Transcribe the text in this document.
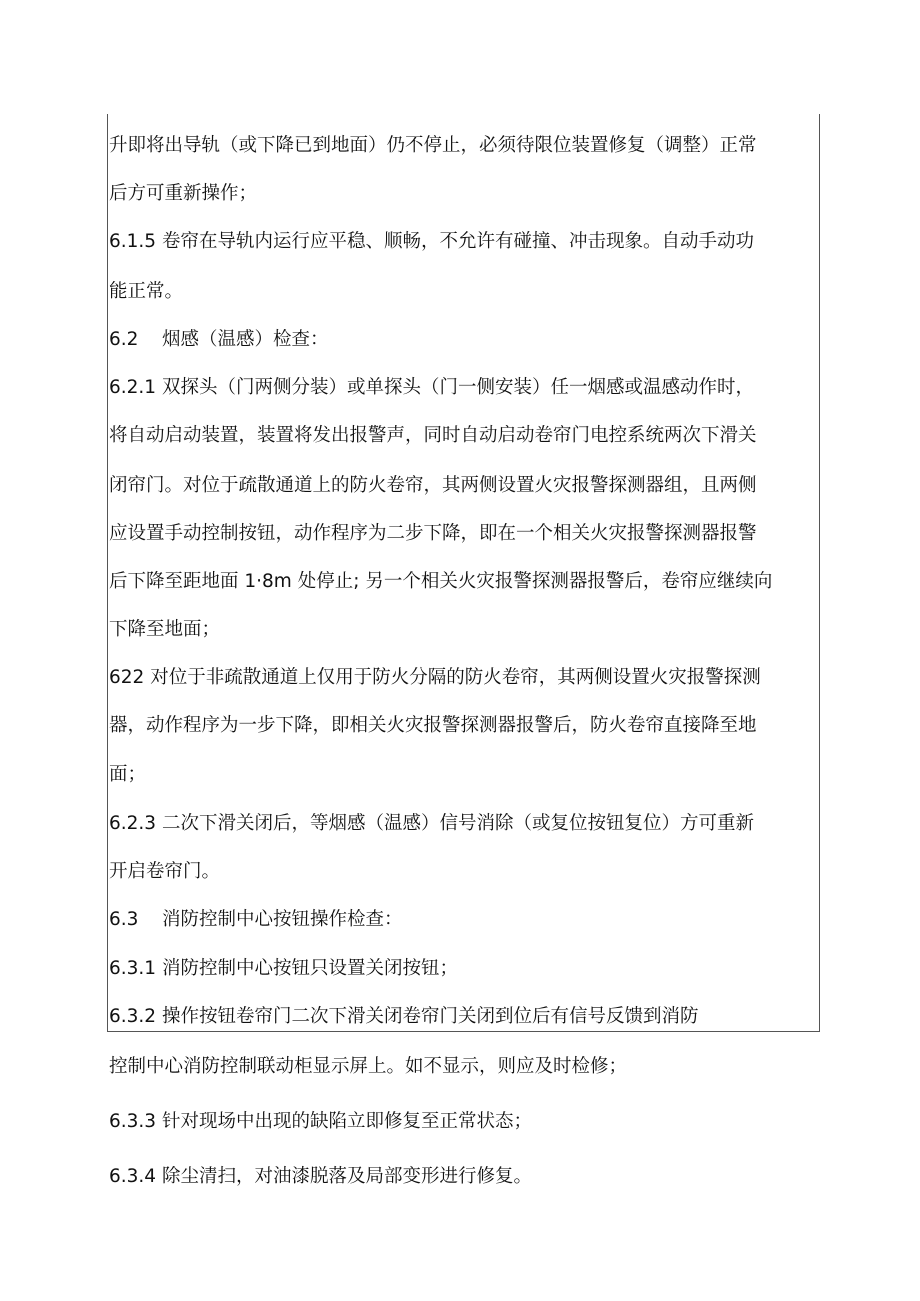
升即将出导轨（或下降已到地面）仍不停止，必须待限位装置修复（调整）正常
后方可重新操作；
6.1.5 卷帘在导轨内运行应平稳、顺畅，不允许有碰撞、冲击现象。自动手动功
能正常。
6.2 烟感（温感）检查：
6.2.1 双探头（门两侧分装）或单探头（门一侧安装）任一烟感或温感动作时，
将自动启动装置，装置将发出报警声，同时自动启动卷帘门电控系统两次下滑关
闭帘门。对位于疏散通道上的防火卷帘，其两侧设置火灾报警探测器组，且两侧
应设置手动控制按钮，动作程序为二步下降，即在一个相关火灾报警探测器报警
后下降至距地面 1·8m 处停止; 另一个相关火灾报警探测器报警后，卷帘应继续向
下降至地面；
622 对位于非疏散通道上仅用于防火分隔的防火卷帘，其两侧设置火灾报警探测
器，动作程序为一步下降，即相关火灾报警探测器报警后，防火卷帘直接降至地
面；
6.2.3 二次下滑关闭后，等烟感（温感）信号消除（或复位按钮复位）方可重新
开启卷帘门。
6.3 消防控制中心按钮操作检查：
6.3.1 消防控制中心按钮只设置关闭按钮；
6.3.2 操作按钮卷帘门二次下滑关闭卷帘门关闭到位后有信号反馈到消防
控制中心消防控制联动柜显示屏上。如不显示，则应及时检修；
6.3.3 针对现场中出现的缺陷立即修复至正常状态；
6.3.4 除尘清扫，对油漆脱落及局部变形进行修复。
